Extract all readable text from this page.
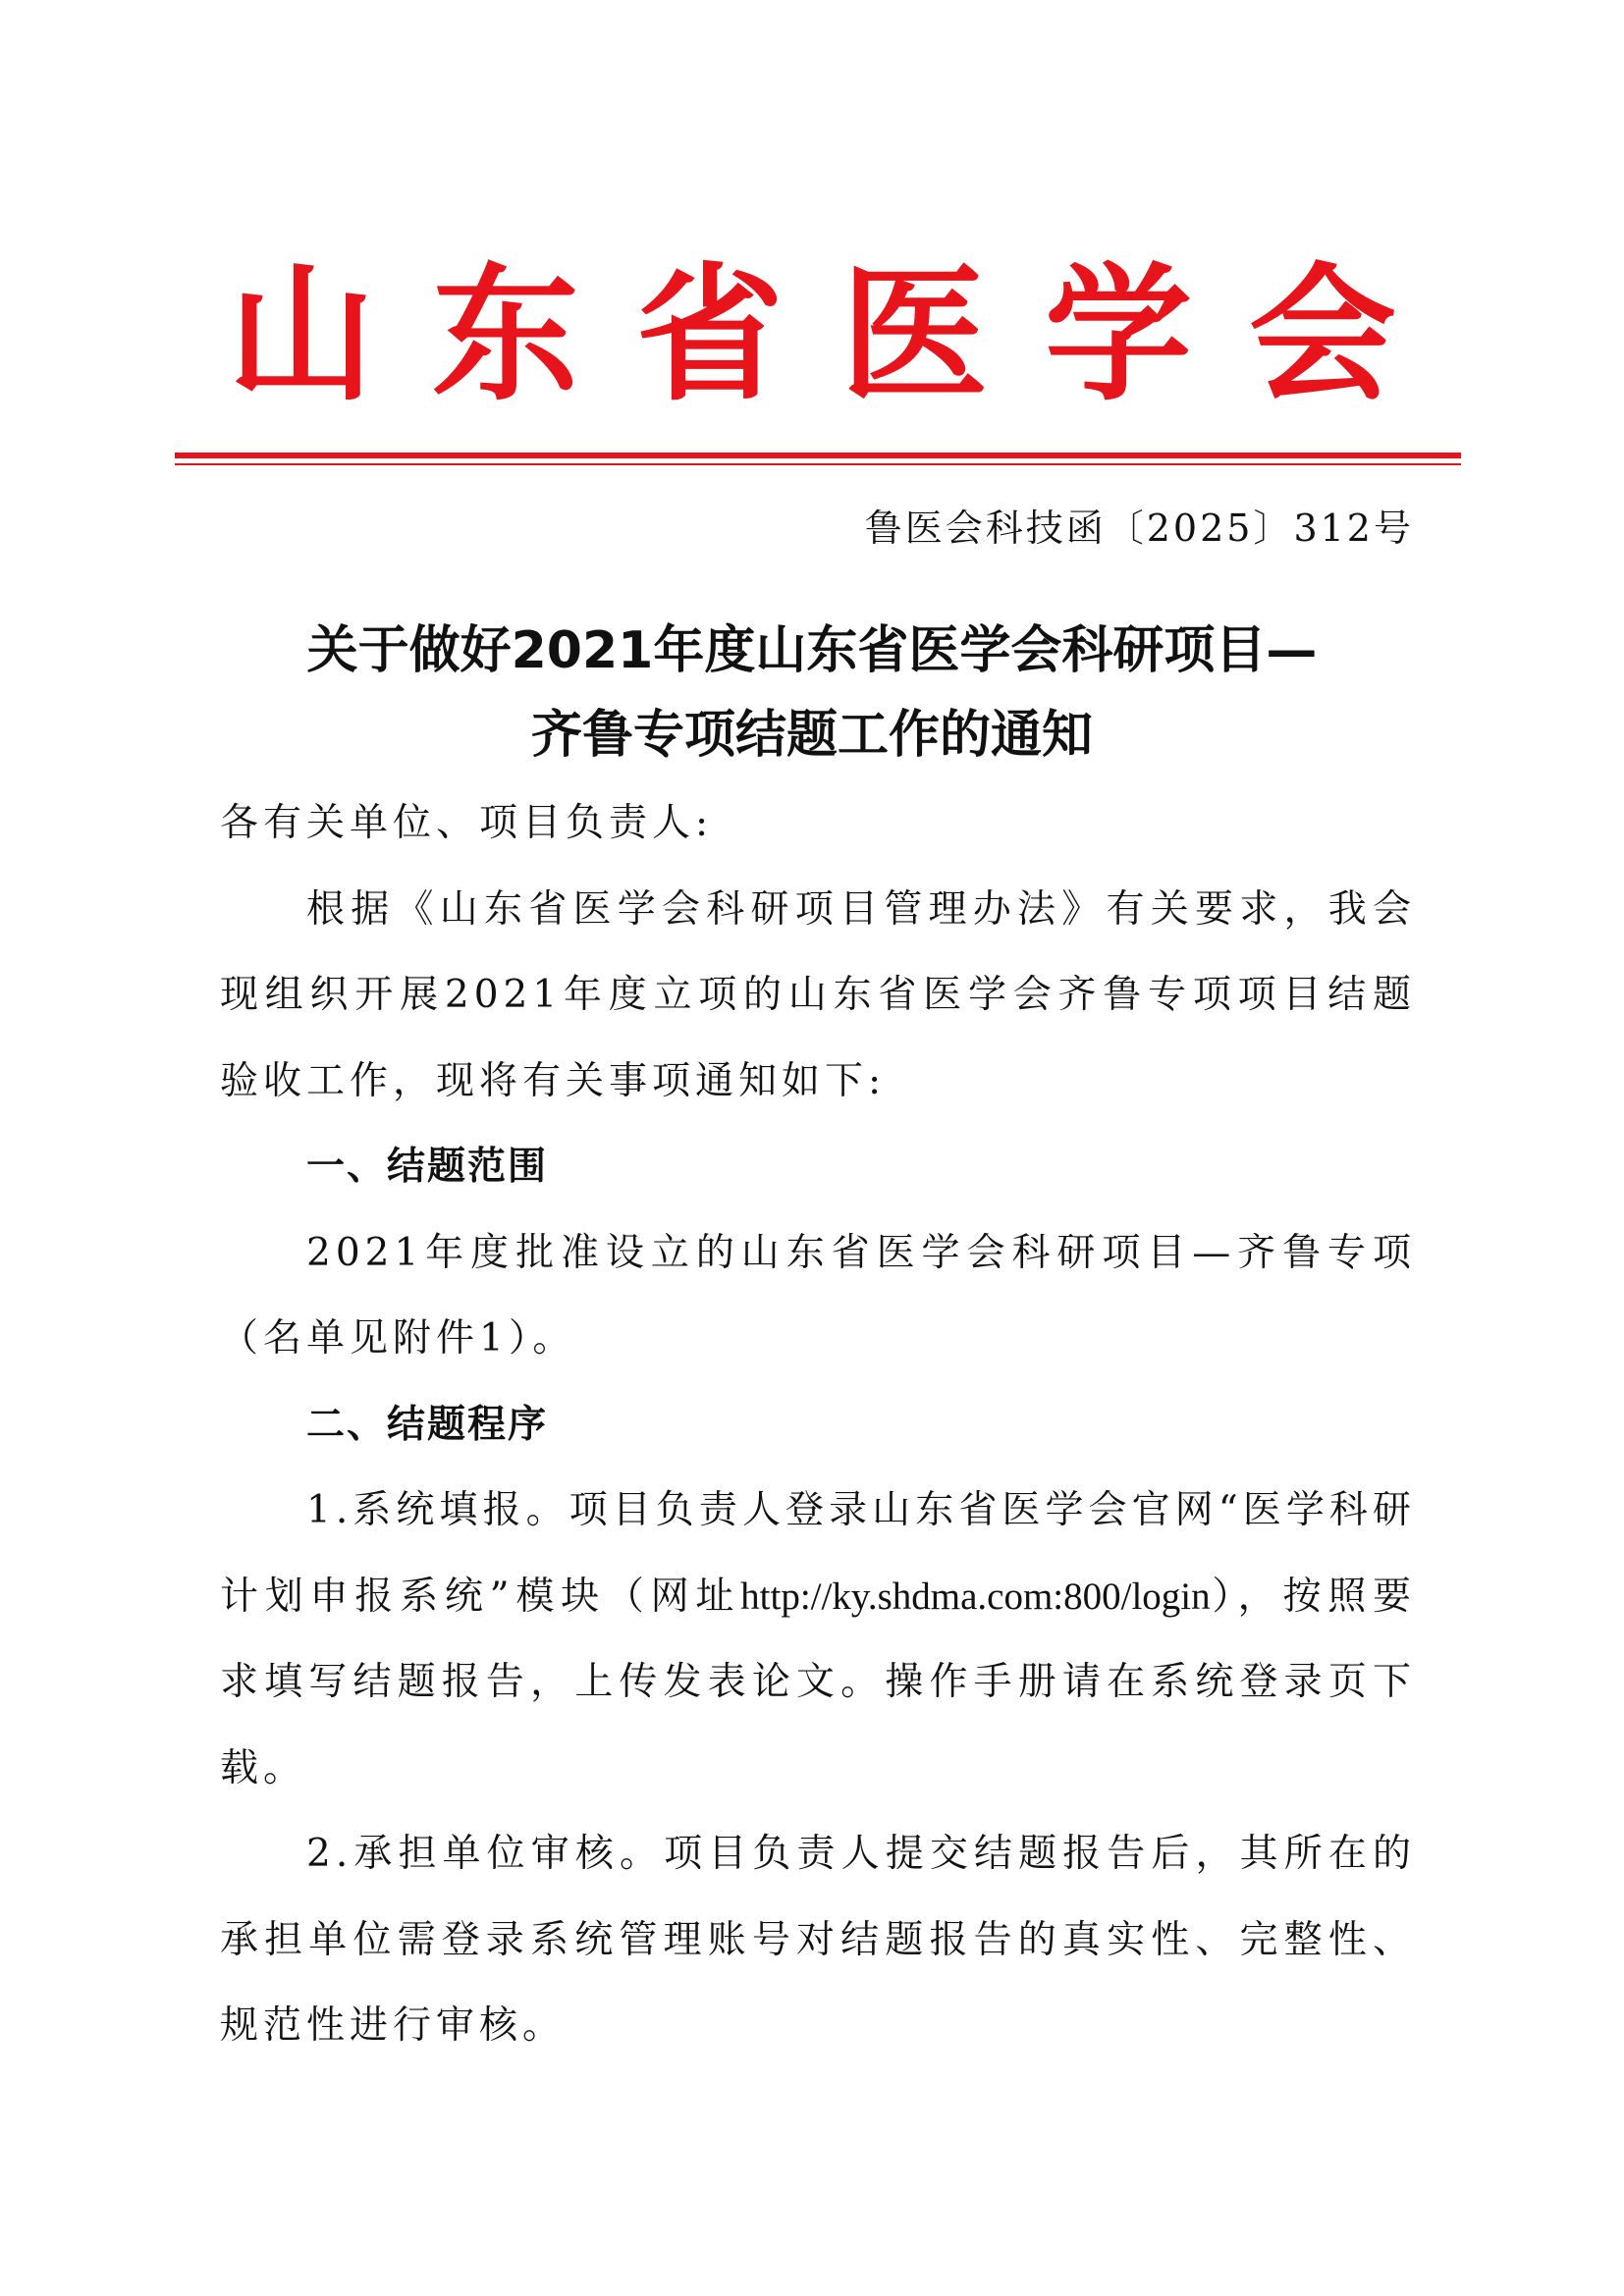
山东省医学会
鲁医会科技函〔2025〕312号
关于做好2021年度山东省医学会科研项目—
齐鲁专项结题工作的通知

各有关单位、项目负责人:

根据《山东省医学会科研项目管理办法》有关要求，我会现组织开展2021年度立项的山东省医学会齐鲁专项项目结题验收工作，现将有关事项通知如下:

一、结题范围

2021年度批准设立的山东省医学会科研项目—齐鲁专项（名单见附件1）。

二、结题程序

1.系统填报。项目负责人登录山东省医学会官网“医学科研计划申报系统”模块（网址http://ky.shdma.com:800/login），按照要求填写结题报告，上传发表论文。操作手册请在系统登录页下载。

2.承担单位审核。项目负责人提交结题报告后，其所在的承担单位需登录系统管理账号对结题报告的真实性、完整性、规范性进行审核。
